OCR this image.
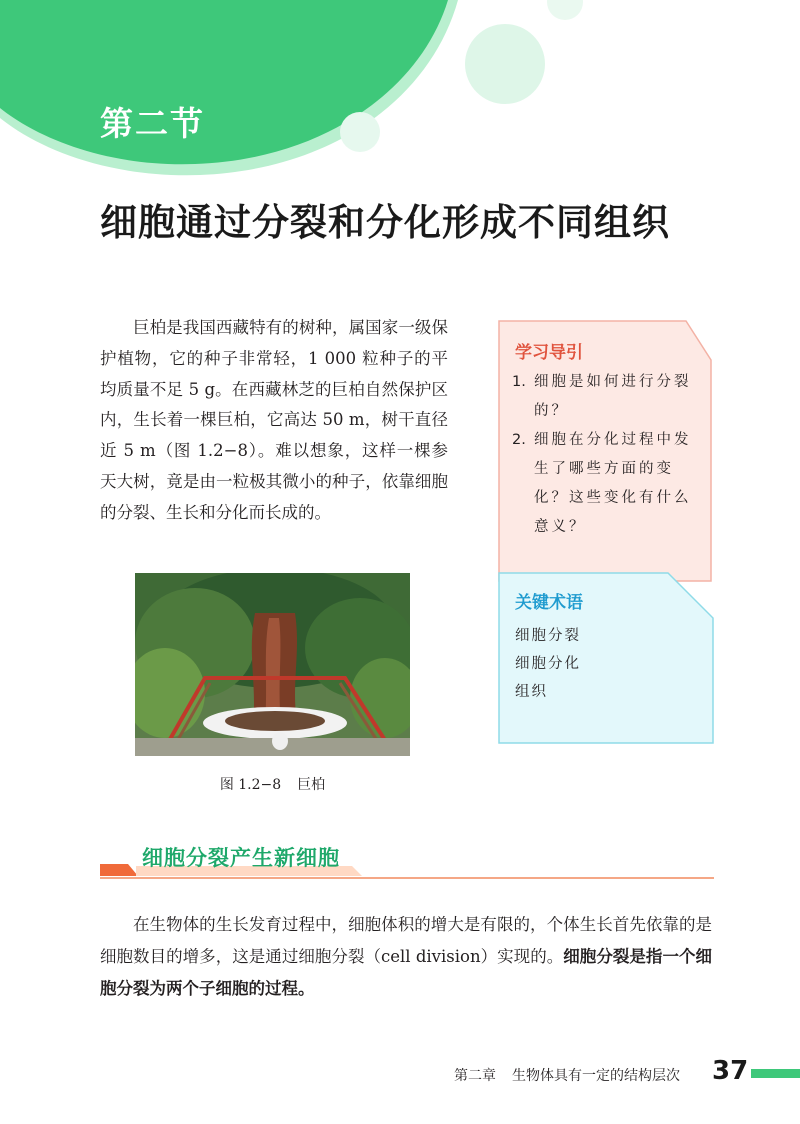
第二节
细胞通过分裂和分化形成不同组织

巨柏是我国西藏特有的树种，属国家一级保护植物，它的种子非常轻，1 000 粒种子的平均质量不足 5 g。在西藏林芝的巨柏自然保护区内，生长着一棵巨柏，它高达 50 m，树干直径近 5 m（图 1.2−8）。难以想象，这样一棵参天大树，竟是由一粒极其微小的种子，依靠细胞的分裂、生长和分化而长成的。

图 1.2−8 巨柏
学习导引
1. 细胞是如何进行分裂的？
2. 细胞在分化过程中发生了哪些方面的变化？这些变化有什么意义？
关键术语
细胞分裂
细胞分化
组织
细胞分裂产生新细胞

在生物体的生长发育过程中，细胞体积的增大是有限的，个体生长首先依靠的是细胞数目的增多，这是通过细胞分裂（cell division）实现的。细胞分裂是指一个细胞分裂为两个子细胞的过程。

第二章 生物体具有一定的结构层次 37
